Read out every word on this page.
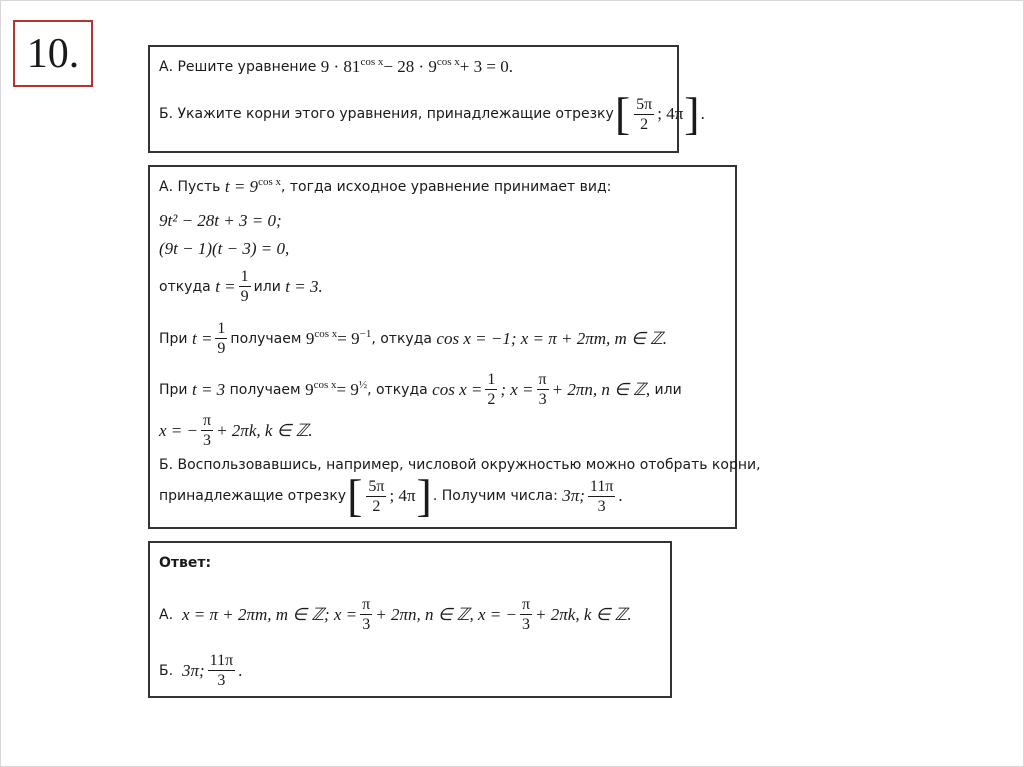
10.	А.
Решите уравнение
$9 \cdot 81^{cos x} - 28 \cdot 9^{cos x} + 3 = 0$.
Б.
Укажите корни этого уравнения, принадлежащие отрезку [ $\frac{5\pi}{2}$ ; 4π ] .
А. Пусть
$t = 9^{cos x}$ , тогда исходное уравнение принимает вид:
9t² − 28t + 3 = 0;
(9t − 1)(t − 3) = 0,
откуда
$t = \frac{1}{9}$ или
t = 3.
При
$t = \frac{1}{9}$ получаем
$9^{cos x} = 9^{-1}$ , откуда
cos x = −1; x = π + 2πm, m ∈ ℤ.
При
t = 3
получаем
$9^{cos x} = 9^{\frac{1}{2}}$ , откуда
$\cos x = \frac{1}{2}$ ; $x = \frac{\pi}{3} + 2\pi n$, n ∈ ℤ,
или
x = − $\frac{\pi}{3} + 2\pi k$, k ∈ ℤ.
Б. Воспользовавшись, например, числовой окружностью можно отобрать корни,
принадлежащие отрезку [ $\frac{5\pi}{2}$ ; 4π ] . Получим числа:
3π; $\frac{11\pi}{3}$ .
Ответ:
А.
x = π + 2πm, m ∈ ℤ; $x = \frac{\pi}{3} + 2\pi n$, n ∈ ℤ, x = − $\frac{\pi}{3} + 2\pi k$, k ∈ ℤ.
Б.
3π; $\frac{11\pi}{3}$ .
